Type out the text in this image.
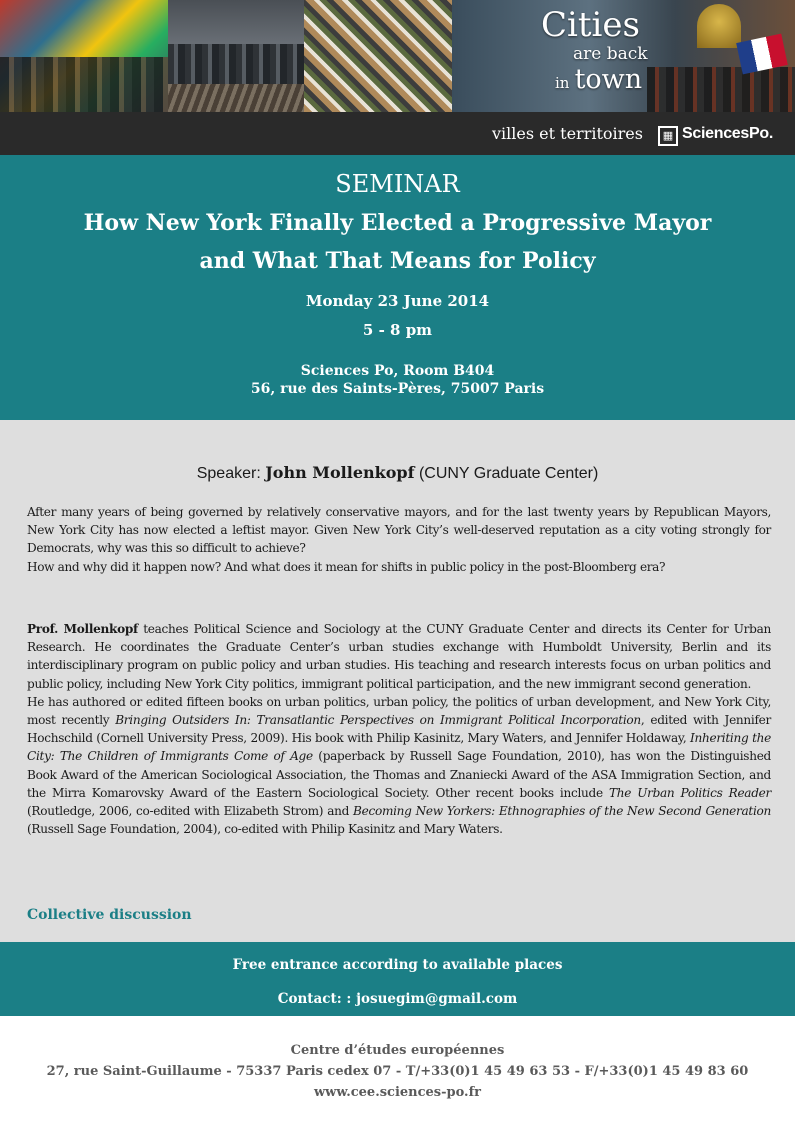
Cities
are back
in town
villes et territoires	▦ SciencesPo.
SEMINAR
How New York Finally Elected a Progressive Mayor
and What That Means for Policy
Monday 23 June 2014
5 - 8 pm
Sciences Po, Room B404
56, rue des Saints-Pères, 75007 Paris
Speaker: John Mollenkopf (CUNY Graduate Center)
After many years of being governed by relatively conservative mayors, and for the last twenty years by Republican Mayors, New York City has now elected a leftist mayor. Given New York City’s well-deserved reputation as a city voting strongly for Democrats, why was this so difficult to achieve?
How and why did it happen now? And what does it mean for shifts in public policy in the post-Bloomberg era?
Prof. Mollenkopf teaches Political Science and Sociology at the CUNY Graduate Center and directs its Center for Urban Research. He coordinates the Graduate Center’s urban studies exchange with Humboldt University, Berlin and its interdisciplinary program on public policy and urban studies. His teaching and research interests focus on urban politics and public policy, including New York City politics, immigrant political participation, and the new immigrant second generation.
He has authored or edited fifteen books on urban politics, urban policy, the politics of urban development, and New York City, most recently Bringing Outsiders In: Transatlantic Perspectives on Immigrant Political Incorporation, edited with Jennifer Hochschild (Cornell University Press, 2009). His book with Philip Kasinitz, Mary Waters, and Jennifer Holdaway, Inheriting the City: The Children of Immigrants Come of Age (paperback by Russell Sage Foundation, 2010), has won the Distinguished Book Award of the American Sociological Association, the Thomas and Znaniecki Award of the ASA Immigration Section, and the Mirra Komarovsky Award of the Eastern Sociological Society. Other recent books include The Urban Politics Reader (Routledge, 2006, co-edited with Elizabeth Strom) and Becoming New Yorkers: Ethnographies of the New Second Generation (Russell Sage Foundation, 2004), co-edited with Philip Kasinitz and Mary Waters.
Collective discussion
Free entrance according to available places
Contact: : josuegim@gmail.com
Centre d’études européennes
27, rue Saint-Guillaume - 75337 Paris cedex 07 - T/+33(0)1 45 49 63 53 - F/+33(0)1 45 49 83 60
www.cee.sciences-po.fr
